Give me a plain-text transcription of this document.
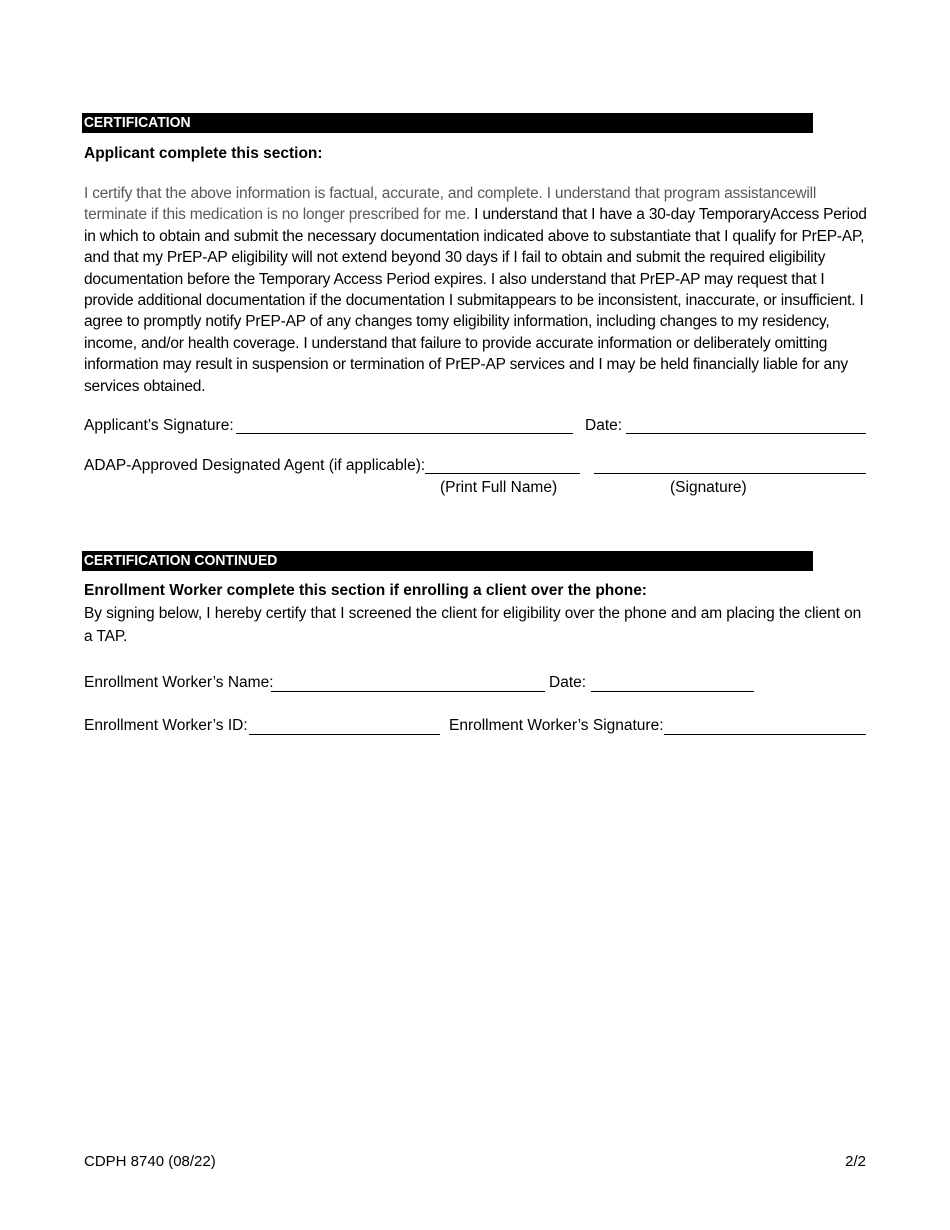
CERTIFICATION
Applicant complete this section:
I certify that the above information is factual, accurate, and complete. I understand that program assistancewill terminate if this medication is no longer prescribed for me. I understand that I have a 30-day TemporaryAccess Period in which to obtain and submit the necessary documentation indicated above to substantiate that I qualify for PrEP-AP, and that my PrEP-AP eligibility will not extend beyond 30 days if I fail to obtain and submit the required eligibility documentation before the Temporary Access Period expires. I also understand that PrEP-AP may request that I provide additional documentation if the documentation I submitappears to be inconsistent, inaccurate, or insufficient. I agree to promptly notify PrEP-AP of any changes tomy eligibility information, including changes to my residency, income, and/or health coverage. I understand that failure to provide accurate information or deliberately omitting information may result in suspension or termination of PrEP-AP services and I may be held financially liable for any services obtained.
Applicant’s Signature:	Date:
ADAP-Approved Designated Agent (if applicable):
(Print Full Name)	(Signature)
CERTIFICATION CONTINUED
Enrollment Worker complete this section if enrolling a client over the phone:
By signing below, I hereby certify that I screened the client for eligibility over the phone and am placing the client on a TAP.
Enrollment Worker’s Name:	Date:
Enrollment Worker’s ID:	Enrollment Worker’s Signature:
CDPH 8740 (08/22)	2/2
